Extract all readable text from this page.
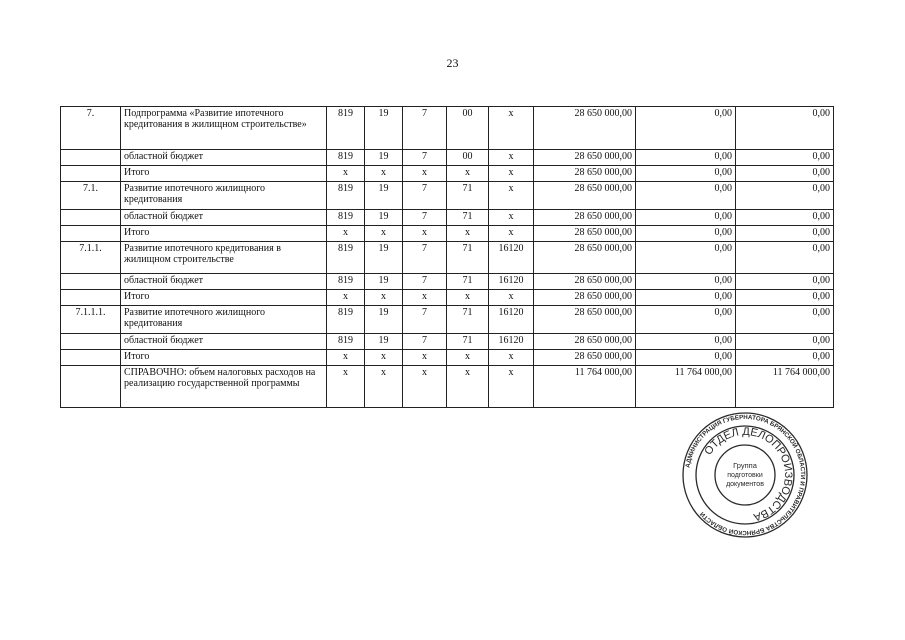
23
7.	Подпрограмма «Развитие ипотечного кредитования в жилищном строительстве»	819	19	7	00	х	28 650 000,00	0,00	0,00
	областной бюджет	819	19	7	00	х	28 650 000,00	0,00	0,00
	Итого	х	х	х	х	х	28 650 000,00	0,00	0,00
7.1.	Развитие ипотечного жилищного кредитования	819	19	7	71	х	28 650 000,00	0,00	0,00
	областной бюджет	819	19	7	71	х	28 650 000,00	0,00	0,00
	Итого	х	х	х	х	х	28 650 000,00	0,00	0,00
7.1.1.	Развитие ипотечного кредитования в жилищном строительстве	819	19	7	71	16120	28 650 000,00	0,00	0,00
	областной бюджет	819	19	7	71	16120	28 650 000,00	0,00	0,00
	Итого	х	х	х	х	х	28 650 000,00	0,00	0,00
7.1.1.1.	Развитие ипотечного жилищного кредитования	819	19	7	71	16120	28 650 000,00	0,00	0,00
	областной бюджет	819	19	7	71	16120	28 650 000,00	0,00	0,00
	Итого	х	х	х	х	х	28 650 000,00	0,00	0,00
	СПРАВОЧНО: объем налоговых расходов на реализацию государственной программы	х	х	х	х	х	11 764 000,00	11 764 000,00	11 764 000,00
АДМИНИСТРАЦИЯ ГУБЕРНАТОРА БРЯНСКОЙ ОБЛАСТИ И ПРАВИТЕЛЬСТВА БРЯНСКОЙ ОБЛАСТИ
ОТДЕЛ ДЕЛОПРОИЗВОДСТВА
Группа
подготовки
документов
